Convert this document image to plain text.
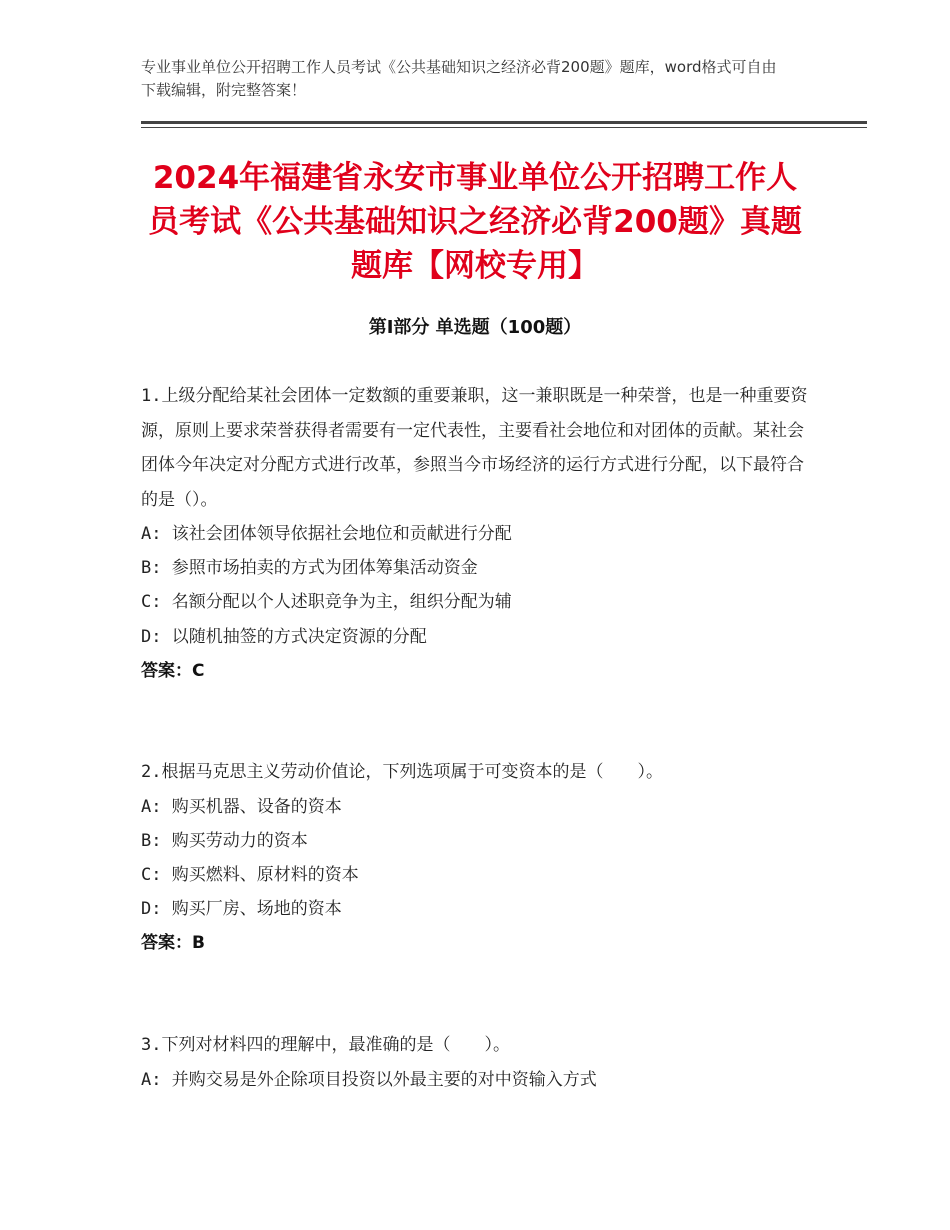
专业事业单位公开招聘工作人员考试《公共基础知识之经济必背200题》题库，word格式可自由下载编辑，附完整答案！
2024年福建省永安市事业单位公开招聘工作人员考试《公共基础知识之经济必背200题》真题题库【网校专用】
第Ⅰ部分 单选题（100题）
1.上级分配给某社会团体一定数额的重要兼职，这一兼职既是一种荣誉，也是一种重要资源，原则上要求荣誉获得者需要有一定代表性，主要看社会地位和对团体的贡献。某社会团体今年决定对分配方式进行改革，参照当今市场经济的运行方式进行分配，以下最符合的是（）。
A: 该社会团体领导依据社会地位和贡献进行分配
B: 参照市场拍卖的方式为团体筹集活动资金
C: 名额分配以个人述职竞争为主，组织分配为辅
D: 以随机抽签的方式决定资源的分配
答案：C
2.根据马克思主义劳动价值论，下列选项属于可变资本的是（　　）。
A: 购买机器、设备的资本
B: 购买劳动力的资本
C: 购买燃料、原材料的资本
D: 购买厂房、场地的资本
答案：B
3.下列对材料四的理解中，最准确的是（　　）。
A: 并购交易是外企除项目投资以外最主要的对中资输入方式
